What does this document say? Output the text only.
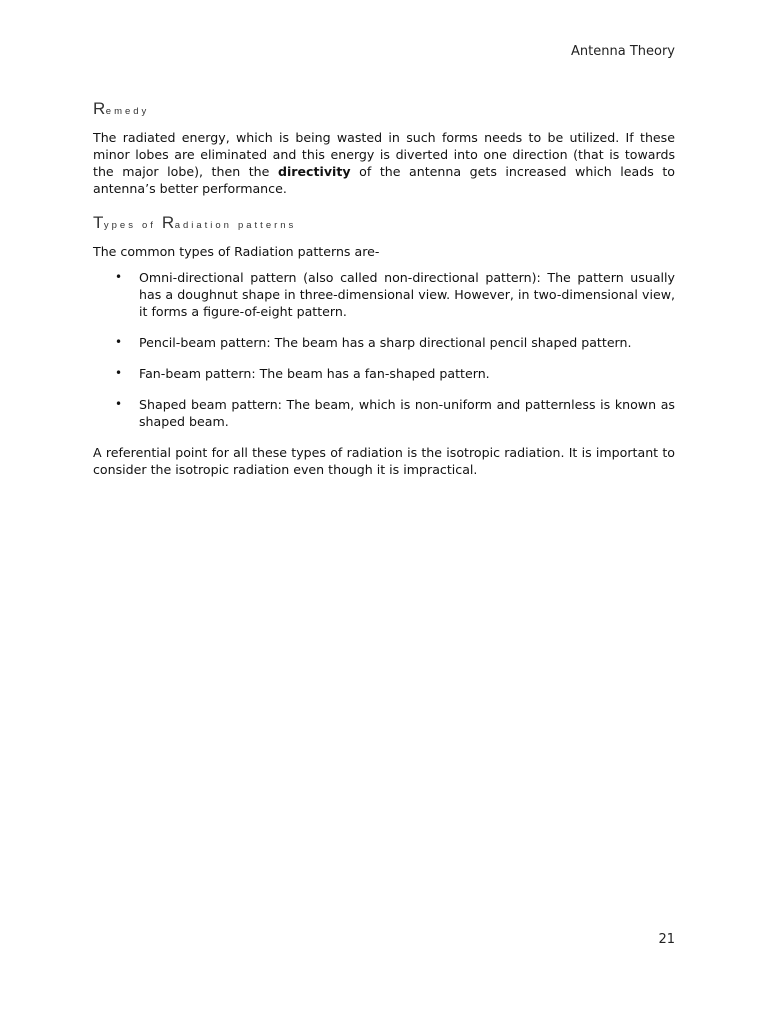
Antenna Theory
Remedy

The radiated energy, which is being wasted in such forms needs to be utilized. If these minor lobes are eliminated and this energy is diverted into one direction (that is towards the major lobe), then the directivity of the antenna gets increased which leads to antenna’s better performance.

Types of Radiation patterns

The common types of Radiation patterns are-

• Omni-directional pattern (also called non-directional pattern): The pattern usually has a doughnut shape in three-dimensional view. However, in two-dimensional view, it forms a figure-of-eight pattern.
• Pencil-beam pattern: The beam has a sharp directional pencil shaped pattern.
• Fan-beam pattern: The beam has a fan-shaped pattern.
• Shaped beam pattern: The beam, which is non-uniform and patternless is known as shaped beam.

A referential point for all these types of radiation is the isotropic radiation. It is important to consider the isotropic radiation even though it is impractical.

21
